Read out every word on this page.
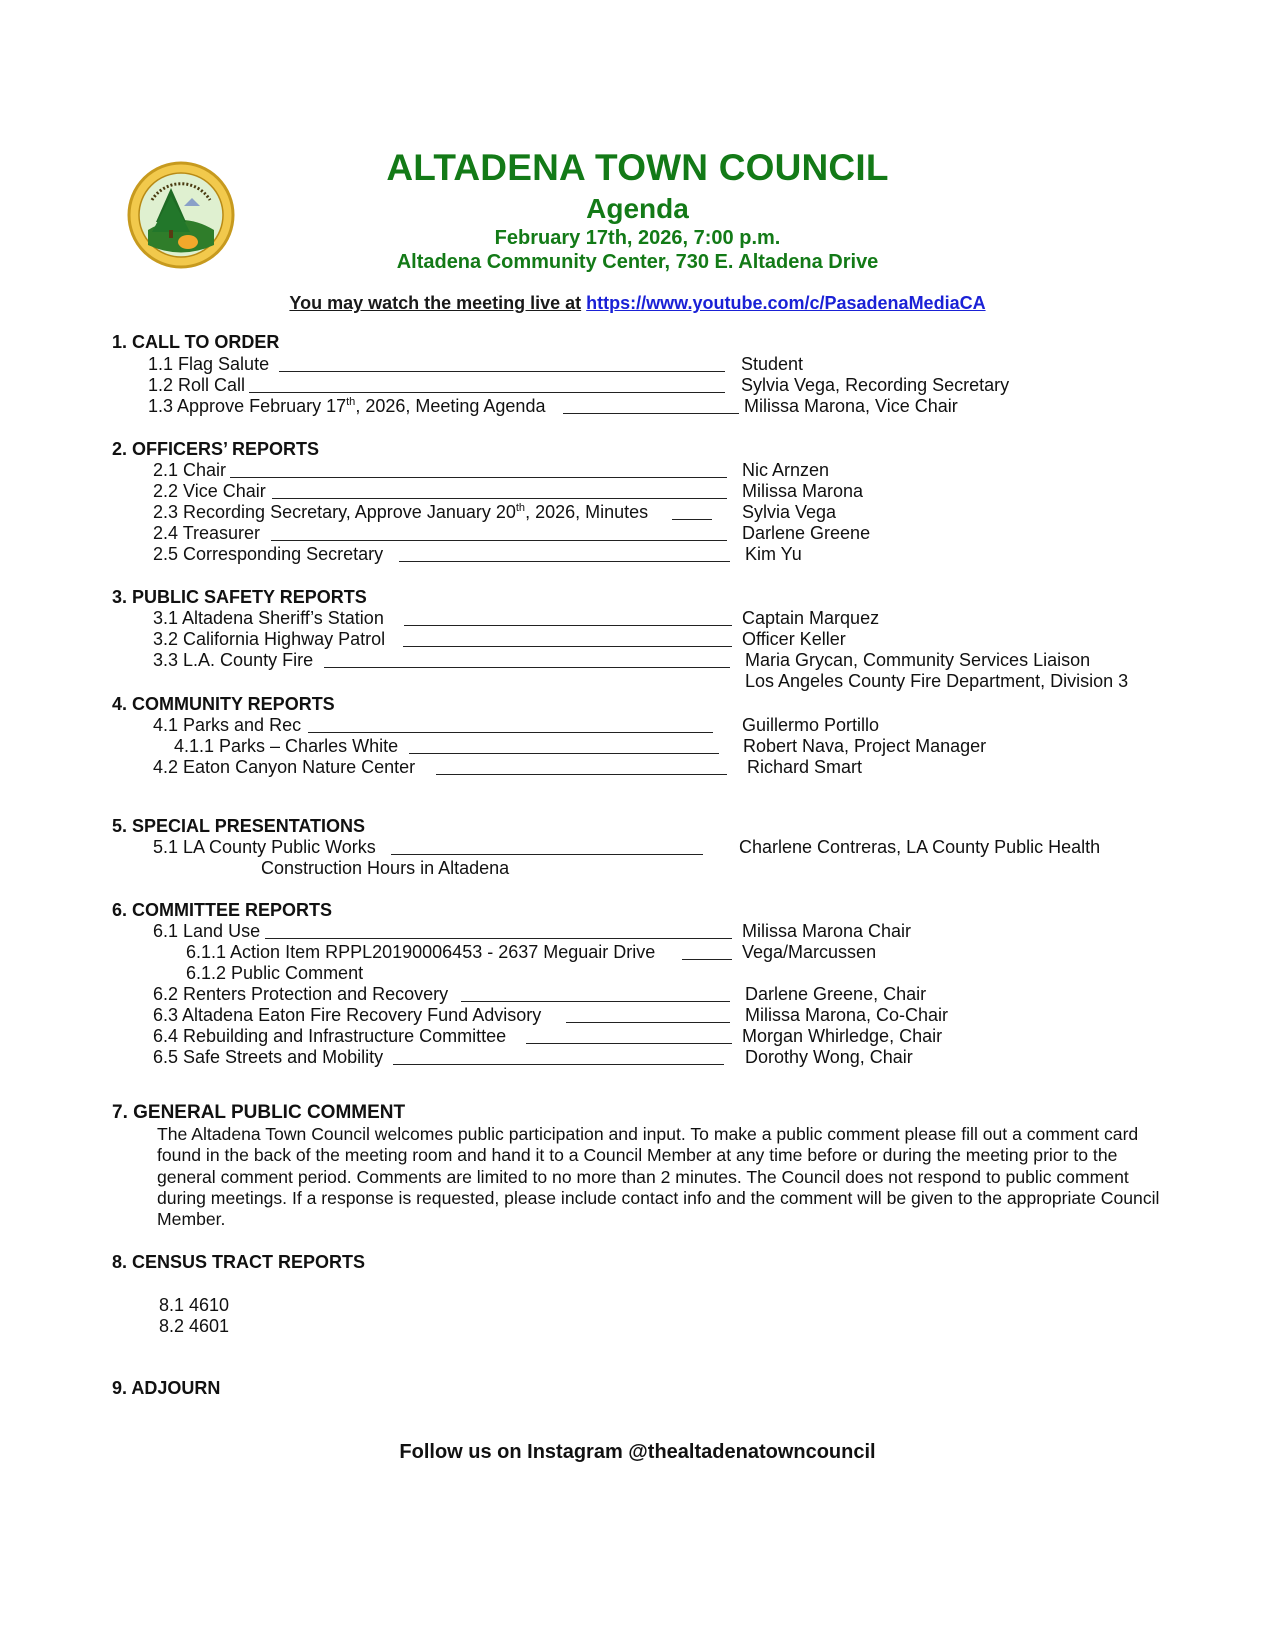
ALTADENA TOWN COUNCIL
Agenda
February 17th, 2026, 7:00 p.m.
Altadena Community Center, 730 E. Altadena Drive
You may watch the meeting live at https://www.youtube.com/c/PasadenaMediaCA
1. CALL TO ORDER
1.1 Flag Salute	Student
1.2 Roll Call	Sylvia Vega, Recording Secretary
1.3 Approve February 17th, 2026, Meeting Agenda	Milissa Marona, Vice Chair
2. OFFICERS’ REPORTS
2.1 Chair	Nic Arnzen
2.2 Vice Chair	Milissa Marona
2.3 Recording Secretary, Approve January 20th, 2026, Minutes	Sylvia Vega
2.4 Treasurer	Darlene Greene
2.5 Corresponding Secretary	Kim Yu
3. PUBLIC SAFETY REPORTS
3.1 Altadena Sheriff’s Station	Captain Marquez
3.2 California Highway Patrol	Officer Keller
3.3 L.A. County Fire	Maria Grycan, Community Services Liaison
Los Angeles County Fire Department, Division 3
4. COMMUNITY REPORTS
4.1 Parks and Rec	Guillermo Portillo
4.1.1 Parks – Charles White	Robert Nava, Project Manager
4.2 Eaton Canyon Nature Center	Richard Smart
5. SPECIAL PRESENTATIONS
5.1 LA County Public Works	Charlene Contreras, LA County Public Health
Construction Hours in Altadena
6. COMMITTEE REPORTS
6.1 Land Use	Milissa Marona Chair
6.1.1 Action Item RPPL20190006453 - 2637 Meguair Drive	Vega/Marcussen
6.1.2 Public Comment
6.2 Renters Protection and Recovery	Darlene Greene, Chair
6.3 Altadena Eaton Fire Recovery Fund Advisory	Milissa Marona, Co-Chair
6.4 Rebuilding and Infrastructure Committee	Morgan Whirledge, Chair
6.5 Safe Streets and Mobility	Dorothy Wong, Chair
7. GENERAL PUBLIC COMMENT
The Altadena Town Council welcomes public participation and input. To make a public comment please fill out a comment card found in the back of the meeting room and hand it to a Council Member at any time before or during the meeting prior to the general comment period. Comments are limited to no more than 2 minutes. The Council does not respond to public comment during meetings. If a response is requested, please include contact info and the comment will be given to the appropriate Council Member.
8. CENSUS TRACT REPORTS
8.1 4610
8.2 4601
9. ADJOURN
Follow us on Instagram @thealtadenatowncouncil
